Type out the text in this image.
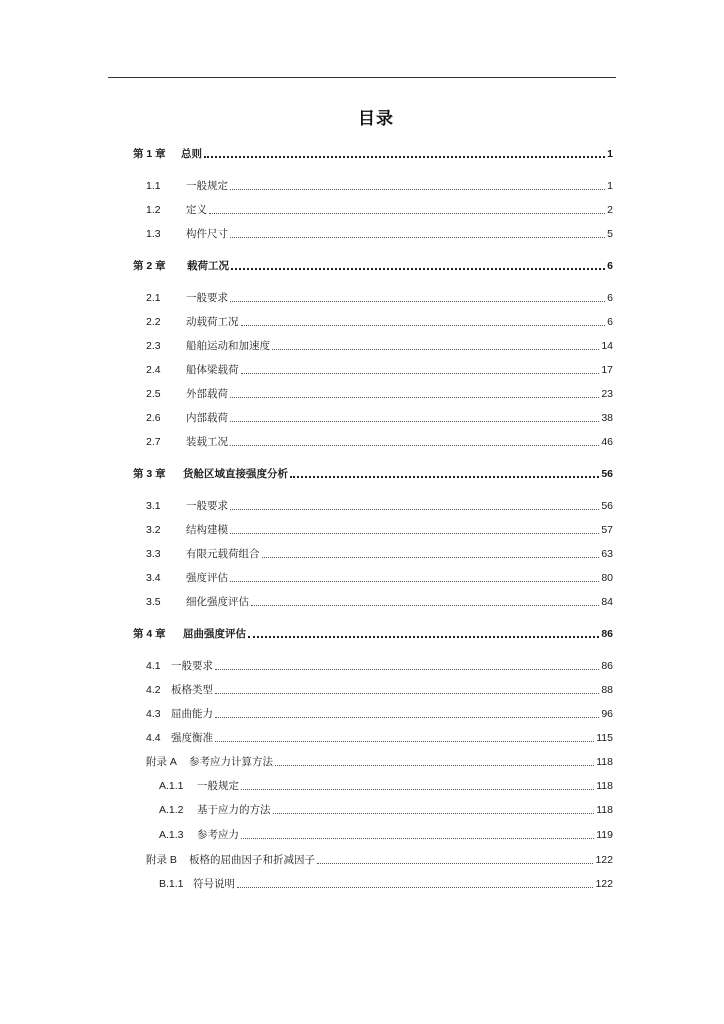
目录
第 1 章	总则	1
1.1	一般规定	1
1.2	定义	2
1.3	构件尺寸	5
第 2 章	载荷工况	6
2.1	一般要求	6
2.2	动载荷工况	6
2.3	船舶运动和加速度	14
2.4	船体梁载荷	17
2.5	外部载荷	23
2.6	内部载荷	38
2.7	装载工况	46
第 3 章	货舱区域直接强度分析	56
3.1	一般要求	56
3.2	结构建模	57
3.3	有限元载荷组合	63
3.4	强度评估	80
3.5	细化强度评估	84
第 4 章	屈曲强度评估	86
4.1 一般要求	86
4.2 板格类型	88
4.3 屈曲能力	96
4.4 强度衡准	115
附录 A	参考应力计算方法	118
A.1.1	一般规定	118
A.1.2	基于应力的方法	118
A.1.3	参考应力	119
附录 B	板格的屈曲因子和折减因子	122
B.1.1 符号说明	122
